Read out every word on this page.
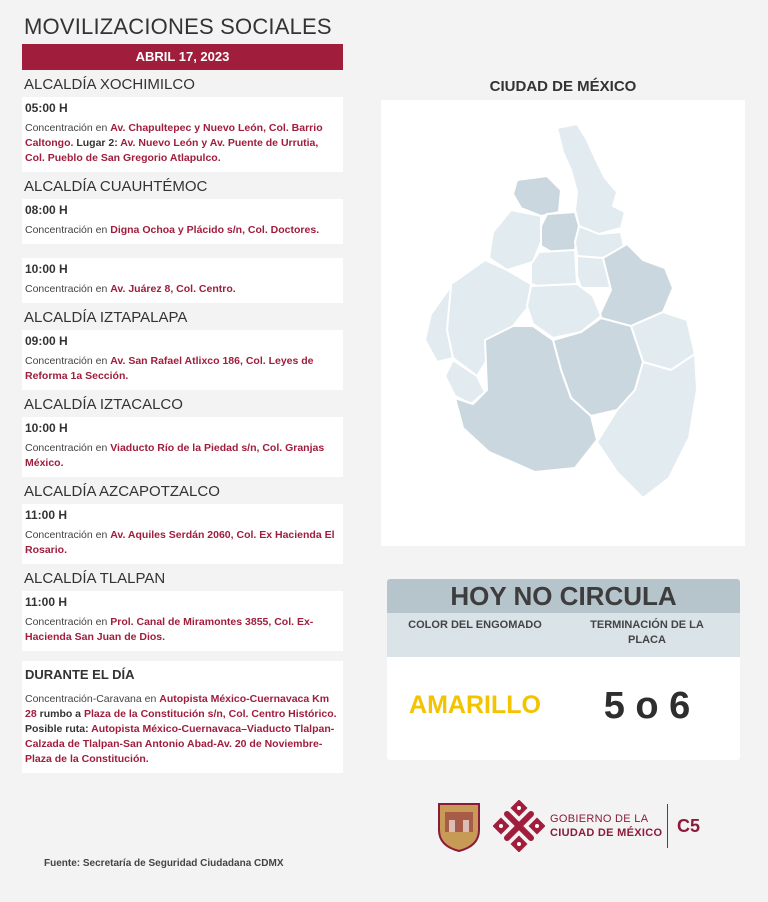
MOVILIZACIONES SOCIALES
ABRIL 17, 2023
ALCALDÍA XOCHIMILCO
05:00 H
Concentración en Av. Chapultepec y Nuevo León, Col. Barrio Caltongo. Lugar 2: Av. Nuevo León y Av. Puente de Urrutia, Col. Pueblo de San Gregorio Atlapulco.
ALCALDÍA CUAUHTÉMOC
08:00 H
Concentración en Digna Ochoa y Plácido s/n, Col. Doctores.
10:00 H
Concentración en Av. Juárez 8, Col. Centro.
ALCALDÍA IZTAPALAPA
09:00 H
Concentración en Av. San Rafael Atlixco 186, Col. Leyes de Reforma 1a Sección.
ALCALDÍA IZTACALCO
10:00 H
Concentración en Viaducto Río de la Piedad s/n, Col. Granjas México.
ALCALDÍA AZCAPOTZALCO
11:00 H
Concentración en Av. Aquiles Serdán 2060, Col. Ex Hacienda El Rosario.
ALCALDÍA TLALPAN
11:00 H
Concentración en Prol. Canal de Miramontes 3855, Col. Ex-Hacienda San Juan de Dios.
DURANTE EL DÍA
Concentración-Caravana en Autopista México-Cuernavaca Km 28 rumbo a Plaza de la Constitución s/n, Col. Centro Histórico. Posible ruta: Autopista México-Cuernavaca–Viaducto Tlalpan-Calzada de Tlalpan-San Antonio Abad-Av. 20 de Noviembre-Plaza de la Constitución.
Fuente: Secretaría de Seguridad Ciudadana CDMX
CIUDAD DE MÉXICO
HOY NO CIRCULA
COLOR DEL ENGOMADO	TERMINACIÓN DE LA PLACA
AMARILLO	5 o 6
GOBIERNO DE LA
CIUDAD DE MÉXICO C5
